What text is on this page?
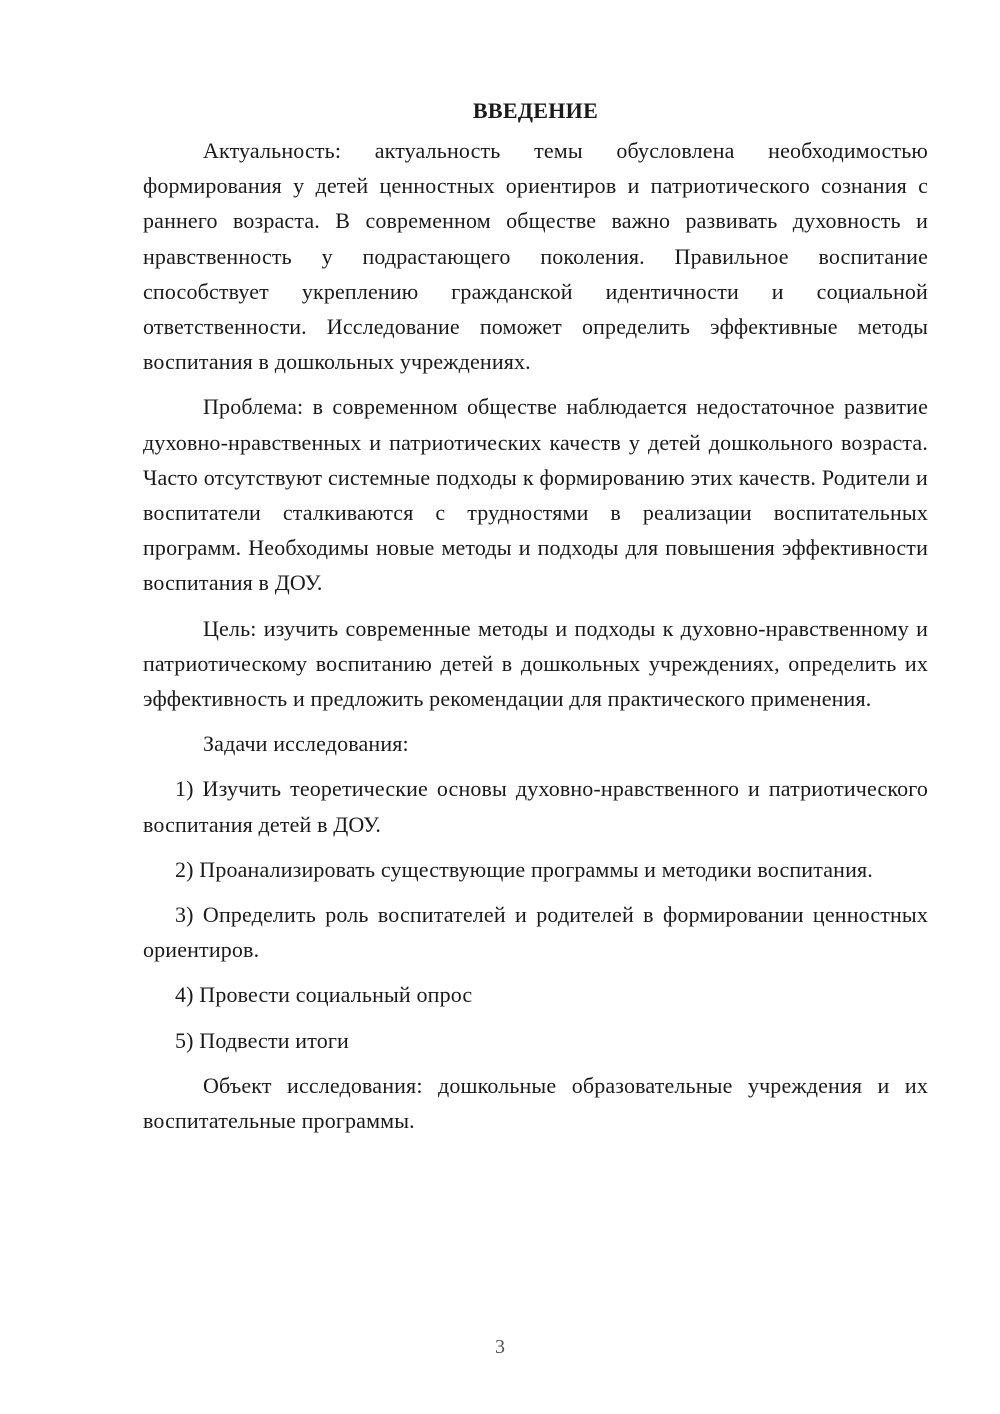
ВВЕДЕНИЕ

Актуальность: актуальность темы обусловлена необходимостью формирования у детей ценностных ориентиров и патриотического сознания с раннего возраста. В современном обществе важно развивать духовность и нравственность у подрастающего поколения. Правильное воспитание способствует укреплению гражданской идентичности и социальной ответственности. Исследование поможет определить эффективные методы воспитания в дошкольных учреждениях.

Проблема: в современном обществе наблюдается недостаточное развитие духовно-нравственных и патриотических качеств у детей дошкольного возраста. Часто отсутствуют системные подходы к формированию этих качеств. Родители и воспитатели сталкиваются с трудностями в реализации воспитательных программ. Необходимы новые методы и подходы для повышения эффективности воспитания в ДОУ.

Цель: изучить современные методы и подходы к духовно-нравственному и патриотическому воспитанию детей в дошкольных учреждениях, определить их эффективность и предложить рекомендации для практического применения.

Задачи исследования:

1) Изучить теоретические основы духовно-нравственного и патриотического воспитания детей в ДОУ.

2) Проанализировать существующие программы и методики воспитания.

3) Определить роль воспитателей и родителей в формировании ценностных ориентиров.

4) Провести социальный опрос

5) Подвести итоги

Объект исследования: дошкольные образовательные учреждения и их воспитательные программы.

3
